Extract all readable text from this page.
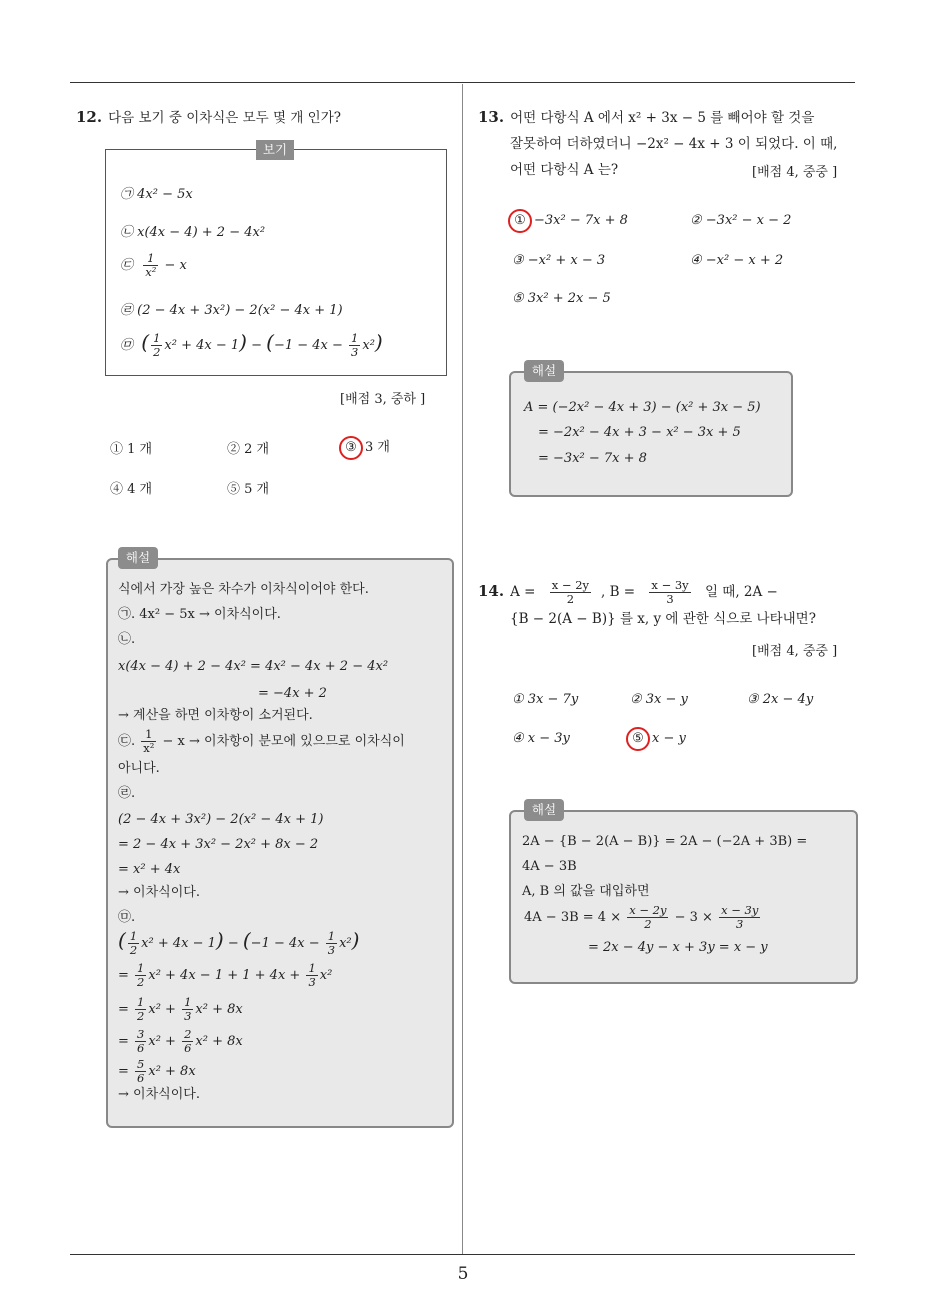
5
12. 다음 보기 중 이차식은 모두 몇 개 인가?
보기
㉠ 4x² − 5x
㉡ x(4x − 4) + 2 − 4x²
㉢ $\frac{1}{\text{x²}} - x$
㉣ (2 − 4x + 3x²) − 2(x² − 4x + 1)
㉤ ( $\frac{1}{2} x^2 + 4x - 1) - (-1 - 4x - \frac{1}{3} x^2)$
[배점 3, 중하 ]
① 1 개	② 2 개	③ 3 개
④ 4 개	⑤ 5 개
해설
식에서 가장 높은 차수가 이차식이어야 한다.
㉠. 4x² − 5x → 이차식이다.
㉡.
x(4x − 4) + 2 − 4x² = 4x² − 4x + 2 − 4x²
= −4x + 2
→ 계산을 하면 이차항이 소거된다.
㉢. $\frac{1}{\text{x²}} - x$ → 이차항이 분모에 있으므로 이차식이
아니다.
㉣.
(2 − 4x + 3x²) − 2(x² − 4x + 1)
= 2 − 4x + 3x² − 2x² + 8x − 2
= x² + 4x
→ 이차식이다.
㉤.
( $\frac{1}{2} x^2 + 4x - 1) - (-1 - 4x - \frac{1}{3} x^2)$
= $\frac{1}{2} x^2 + 4x - 1 + 1 + 4x + \frac{1}{3} x^2$
= $\frac{1}{2} x^2 + \frac{1}{3} x^2 + 8x$
= $\frac{3}{6} x^2 + \frac{2}{6} x^2 + 8x$
= $\frac{5}{6} x^2 + 8x$
→ 이차식이다.
13. 어떤 다항식 A 에서 x² + 3x − 5 를 빼어야 할 것을
잘못하여 더하였더니 −2x² − 4x + 3 이 되었다. 이 때,
어떤 다항식 A 는?	[배점 4, 중중 ]
① −3x² − 7x + 8	② −3x² − x − 2
③ −x² + x − 3	④ −x² − x + 2
⑤ 3x² + 2x − 5
해설
A = (−2x² − 4x + 3) − (x² + 3x − 5)
= −2x² − 4x + 3 − x² − 3x + 5
= −3x² − 7x + 8
14. $A = \frac{x - 2y}{2}$ , $B = \frac{x - 3y}{3}$ 일 때, 2A −
{B − 2(A − B)} 를 x, y 에 관한 식으로 나타내면?
[배점 4, 중중 ]
① 3x − 7y	② 3x − y	③ 2x − 4y
④ x − 3y	⑤ x − y
해설
2A − {B − 2(A − B)} = 2A − (−2A + 3B) =
4A − 3B
A, B 의 값을 대입하면
$4A - 3B = 4 \times \frac{x - 2y}{2} - 3 \times \frac{x - 3y}{3}$
= 2x − 4y − x + 3y = x − y
